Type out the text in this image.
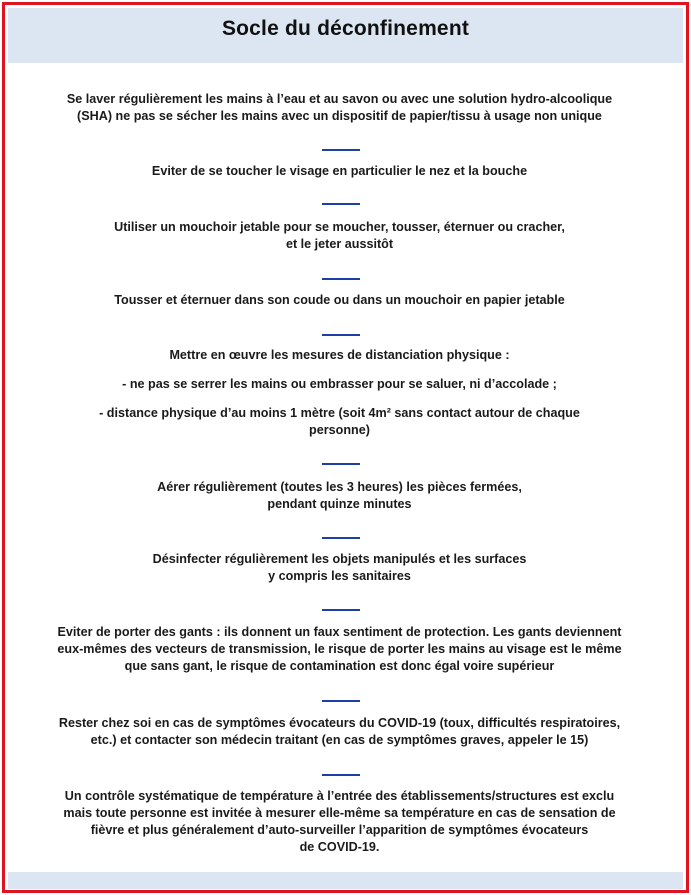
Socle du déconfinement
Se laver régulièrement les mains à l’eau et au savon ou avec une solution hydro-alcoolique
(SHA) ne pas se sécher les mains avec un dispositif de papier/tissu à usage non unique
Eviter de se toucher le visage en particulier le nez et la bouche
Utiliser un mouchoir jetable pour se moucher, tousser, éternuer ou cracher,
et le jeter aussitôt
Tousser et éternuer dans son coude ou dans un mouchoir en papier jetable
Mettre en œuvre les mesures de distanciation physique :
- ne pas se serrer les mains ou embrasser pour se saluer, ni d’accolade ;
- distance physique d’au moins 1 mètre (soit 4m² sans contact autour de chaque
personne)
Aérer régulièrement (toutes les 3 heures) les pièces fermées,
pendant quinze minutes
Désinfecter régulièrement les objets manipulés et les surfaces
y compris les sanitaires
Eviter de porter des gants : ils donnent un faux sentiment de protection. Les gants deviennent
eux-mêmes des vecteurs de transmission, le risque de porter les mains au visage est le même
que sans gant, le risque de contamination est donc égal voire supérieur
Rester chez soi en cas de symptômes évocateurs du COVID-19 (toux, difficultés respiratoires,
etc.) et contacter son médecin traitant (en cas de symptômes graves, appeler le 15)
Un contrôle systématique de température à l’entrée des établissements/structures est exclu
mais toute personne est invitée à mesurer elle-même sa température en cas de sensation de
fièvre et plus généralement d’auto-surveiller l’apparition de symptômes évocateurs
de COVID-19.
